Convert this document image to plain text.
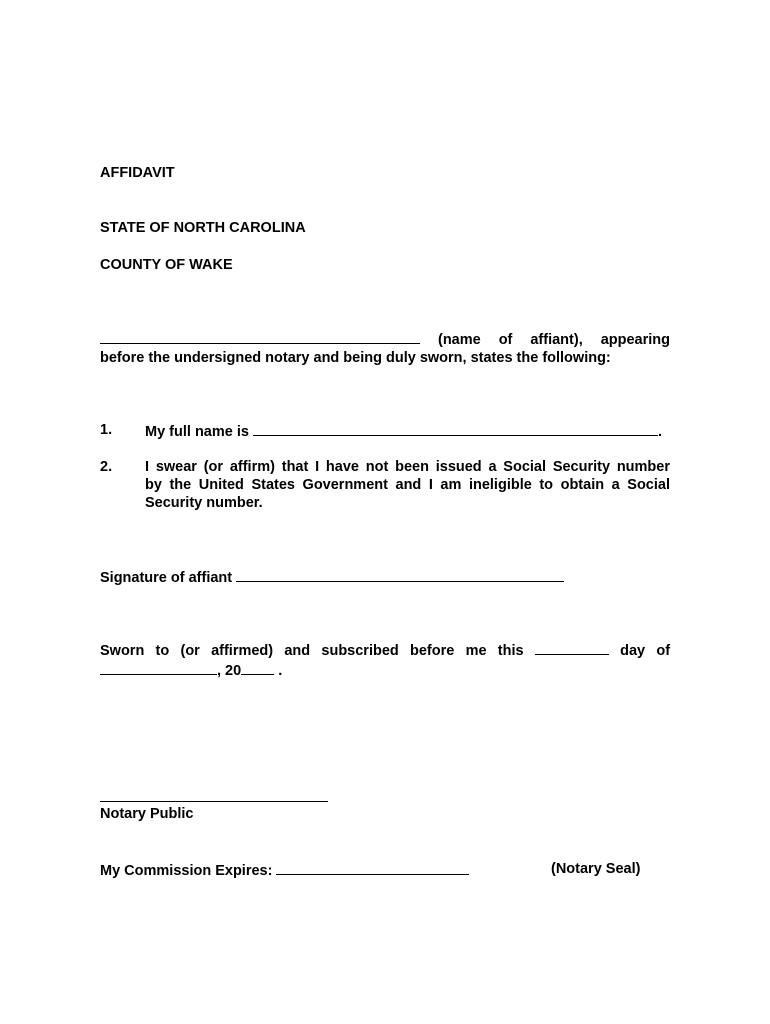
AFFIDAVIT
STATE OF NORTH CAROLINA
COUNTY OF WAKE

(name of affiant), appearing

before the undersigned notary and being duly sworn, states the following:

1. My full name is	.
2. I swear (or affirm) that I have not been issued a Social Security number

by the United States Government and I am ineligible to obtain a Social

Security number.

Signature of affiant

Sworn to (or affirmed) and subscribed before me this	day of

, 20	.

Notary Public
My Commission Expires:	(Notary Seal)
